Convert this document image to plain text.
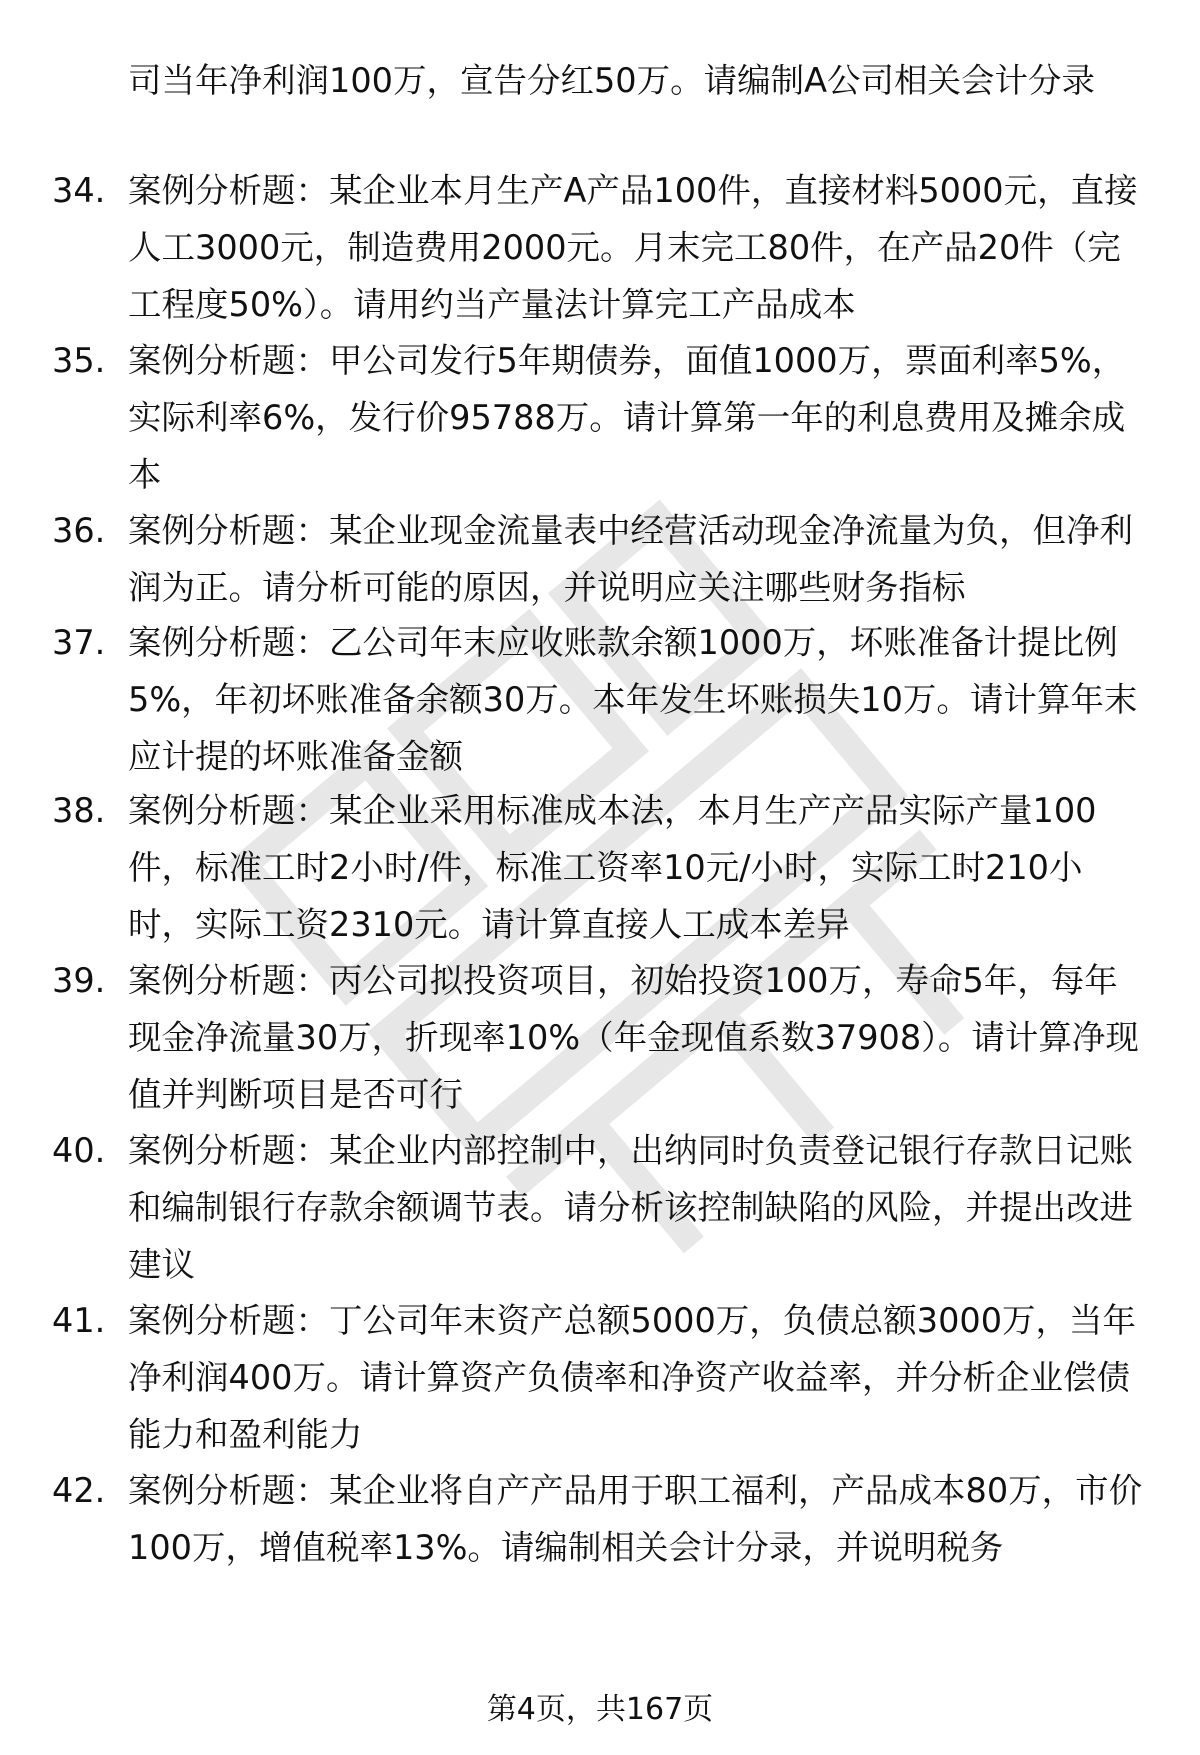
司当年净利润100万，宣告分红50万。请编制A公司相关会计分录
34. 案例分析题：某企业本月生产A产品100件，直接材料5000元，直接人工3000元，制造费用2000元。月末完工80件，在产品20件（完工程度50%）。请用约当产量法计算完工产品成本
35. 案例分析题：甲公司发行5年期债券，面值1000万，票面利率5%，实际利率6%，发行价95788万。请计算第一年的利息费用及摊余成本
36. 案例分析题：某企业现金流量表中经营活动现金净流量为负，但净利润为正。请分析可能的原因，并说明应关注哪些财务指标
37. 案例分析题：乙公司年末应收账款余额1000万，坏账准备计提比例5%，年初坏账准备余额30万。本年发生坏账损失10万。请计算年末应计提的坏账准备金额
38. 案例分析题：某企业采用标准成本法，本月生产产品实际产量100件，标准工时2小时/件，标准工资率10元/小时，实际工时210小时，实际工资2310元。请计算直接人工成本差异
39. 案例分析题：丙公司拟投资项目，初始投资100万，寿命5年，每年现金净流量30万，折现率10%（年金现值系数37908）。请计算净现值并判断项目是否可行
40. 案例分析题：某企业内部控制中，出纳同时负责登记银行存款日记账和编制银行存款余额调节表。请分析该控制缺陷的风险，并提出改进建议
41. 案例分析题：丁公司年末资产总额5000万，负债总额3000万，当年净利润400万。请计算资产负债率和净资产收益率，并分析企业偿债能力和盈利能力
42. 案例分析题：某企业将自产产品用于职工福利，产品成本80万，市价100万，增值税率13%。请编制相关会计分录，并说明税务
第4页，共167页
